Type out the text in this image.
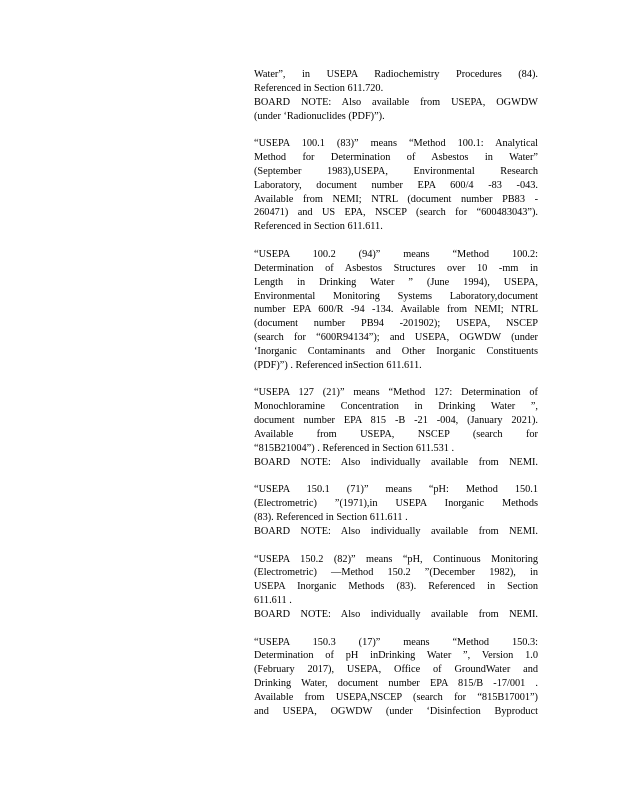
Water”, in USEPA Radiochemistry Procedures (84).
Referenced in Section 611.720.
BOARD NOTE: Also available from USEPA, OGWDW
(under ‘Radionuclides (PDF)”).
“USEPA 100.1 (83)” means “Method 100.1: Analytical
Method for Determination of Asbestos in Water”
(September 1983),USEPA, Environmental Research
Laboratory, document number EPA 600/4 -83 -043.
Available from NEMI; NTRL (document number PB83 -
260471) and US EPA, NSCEP (search for “600483043”).
Referenced in Section 611.611.
“USEPA 100.2 (94)” means “Method 100.2:
Determination of Asbestos Structures over 10 -mm in
Length in Drinking Water ” (June 1994), USEPA,
Environmental Monitoring Systems Laboratory,document
number EPA 600/R -94 -134. Available from NEMI; NTRL
(document number PB94 -201902); USEPA, NSCEP
(search for “600R94134”); and USEPA, OGWDW (under
‘Inorganic Contaminants and Other Inorganic Constituents
(PDF)”) . Referenced inSection 611.611.
“USEPA 127 (21)” means “Method 127: Determination of
Monochloramine Concentration in Drinking Water ”,
document number EPA 815 -B -21 -004, (January 2021).
Available from USEPA, NSCEP (search for
“815B21004”) . Referenced in Section 611.531 .
BOARD NOTE: Also individually available from NEMI.
“USEPA 150.1 (71)” means “pH: Method 150.1
(Electrometric) ”(1971),in USEPA Inorganic Methods
(83). Referenced in Section 611.611 .
BOARD NOTE: Also individually available from NEMI.
“USEPA 150.2 (82)” means “pH, Continuous Monitoring
(Electrometric) —Method 150.2 ”(December 1982), in
USEPA Inorganic Methods (83). Referenced in Section
611.611 .
BOARD NOTE: Also individually available from NEMI.
“USEPA 150.3 (17)” means “Method 150.3:
Determination of pH inDrinking Water ”, Version 1.0
(February 2017), USEPA, Office of GroundWater and
Drinking Water, document number EPA 815/B -17/001 .
Available from USEPA,NSCEP (search for “815B17001”)
and USEPA, OGWDW (under ‘Disinfection Byproduct
